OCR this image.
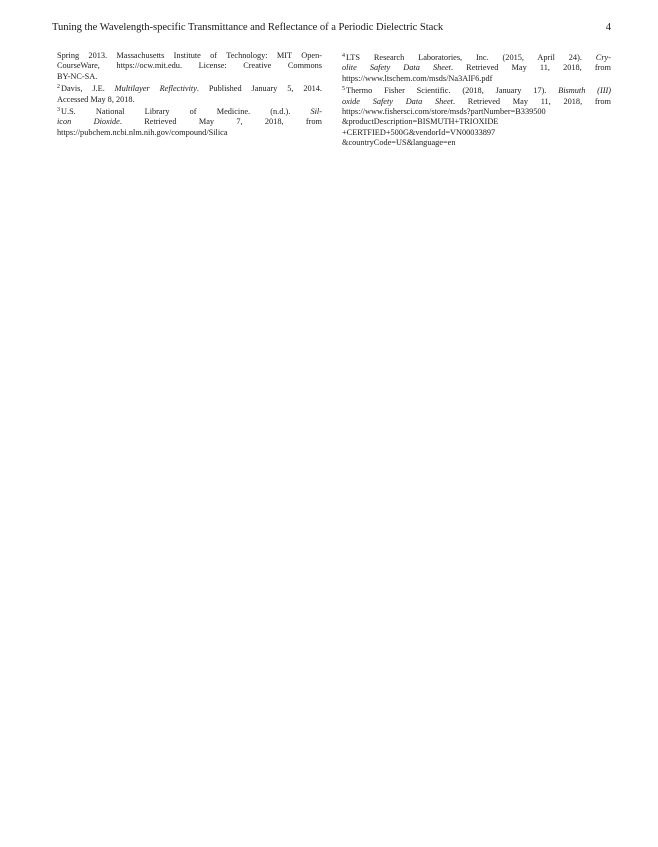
Tuning the Wavelength-specific Transmittance and Reflectance of a Periodic Dielectric Stack	4
Spring 2013. Massachusetts Institute of Technology: MIT Open-
CourseWare, https://ocw.mit.edu. License: Creative Commons
BY-NC-SA.
$^2$Davis, J.E. Multilayer Reflectivity. Published January 5, 2014.
Accessed May 8, 2018.
$^3$U.S. National Library of Medicine. (n.d.). Sil-
icon Dioxide. Retrieved May 7, 2018, from
https://pubchem.ncbi.nlm.nih.gov/compound/Silica
$^4$LTS Research Laboratories, Inc. (2015, April 24). Cry-
olite Safety Data Sheet. Retrieved May 11, 2018, from
https://www.ltschem.com/msds/Na3AlF6.pdf
$^5$Thermo Fisher Scientific. (2018, January 17). Bismuth (III)
oxide Safety Data Sheet. Retrieved May 11, 2018, from
https://www.fishersci.com/store/msds?partNumber=B339500
&productDescription=BISMUTH+TRIOXIDE
+CERTFIED+500G&vendorId=VN00033897
&countryCode=US&language=en
